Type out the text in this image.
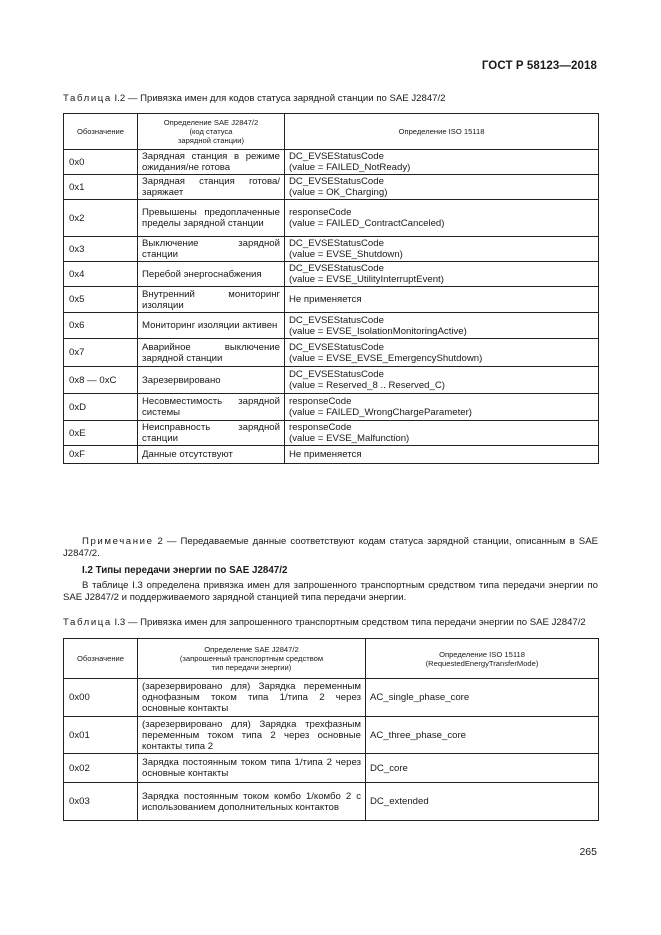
ГОСТ Р 58123—2018
Таблица I.2 — Привязка имен для кодов статуса зарядной станции по SAE J2847/2
Обозначение	Определение SAE J2847/2
(код статуса
зарядной станции)	Определение ISO 15118
0x0	Зарядная станция в режиме ожидания/не готова	DC_EVSEStatusCode
(value = FAILED_NotReady)
0x1	Зарядная станция готова/заряжает	DC_EVSEStatusCode
(value = OK_Charging)
0x2	Превышены предоплаченные пределы зарядной станции	responseCode
(value = FAILED_ContractCanceled)
0x3	Выключение зарядной станции	DC_EVSEStatusCode
(value = EVSE_Shutdown)
0x4	Перебой энергоснабжения	DC_EVSEStatusCode
(value = EVSE_UtilityInterruptEvent)
0x5	Внутренний мониторинг изоляции	Не применяется
0x6	Мониторинг изоляции активен	DC_EVSEStatusCode
(value = EVSE_IsolationMonitoringActive)
0x7	Аварийное выключение зарядной станции	DC_EVSEStatusCode
(value = EVSE_EVSE_EmergencyShutdown)
0x8 — 0xC	Зарезервировано	DC_EVSEStatusCode
(value = Reserved_8 .. Reserved_C)
0xD	Несовместимость зарядной системы	responseCode
(value = FAILED_WrongChargeParameter)
0xE	Неисправность зарядной станции	responseCode
(value = EVSE_Malfunction)
0xF	Данные отсутствуют	Не применяется
Примечание 2 — Передаваемые данные соответствуют кодам статуса зарядной станции, описанным в SAE J2847/2.
I.2 Типы передачи энергии по SAE J2847/2
В таблице I.3 определена привязка имен для запрошенного транспортным средством типа передачи энергии по SAE J2847/2 и поддерживаемого зарядной станцией типа передачи энергии.
Таблица I.3 — Привязка имен для запрошенного транспортным средством типа передачи энергии по SAE J2847/2
Обозначение	Определение SAE J2847/2
(запрошенный транспортным средством
тип передачи энергии)	Определение ISO 15118
(RequestedEnergyTransferMode)
0x00	(зарезервировано для) Зарядка переменным однофазным током типа 1/типа 2 через основные контакты	AC_single_phase_core
0x01	(зарезервировано для) Зарядка трехфазным переменным током типа 2 через основные контакты типа 2	AC_three_phase_core
0x02	Зарядка постоянным током типа 1/типа 2 через основные контакты	DC_core
0x03	Зарядка постоянным током комбо 1/комбо 2 с использованием дополнительных контактов	DC_extended
265
